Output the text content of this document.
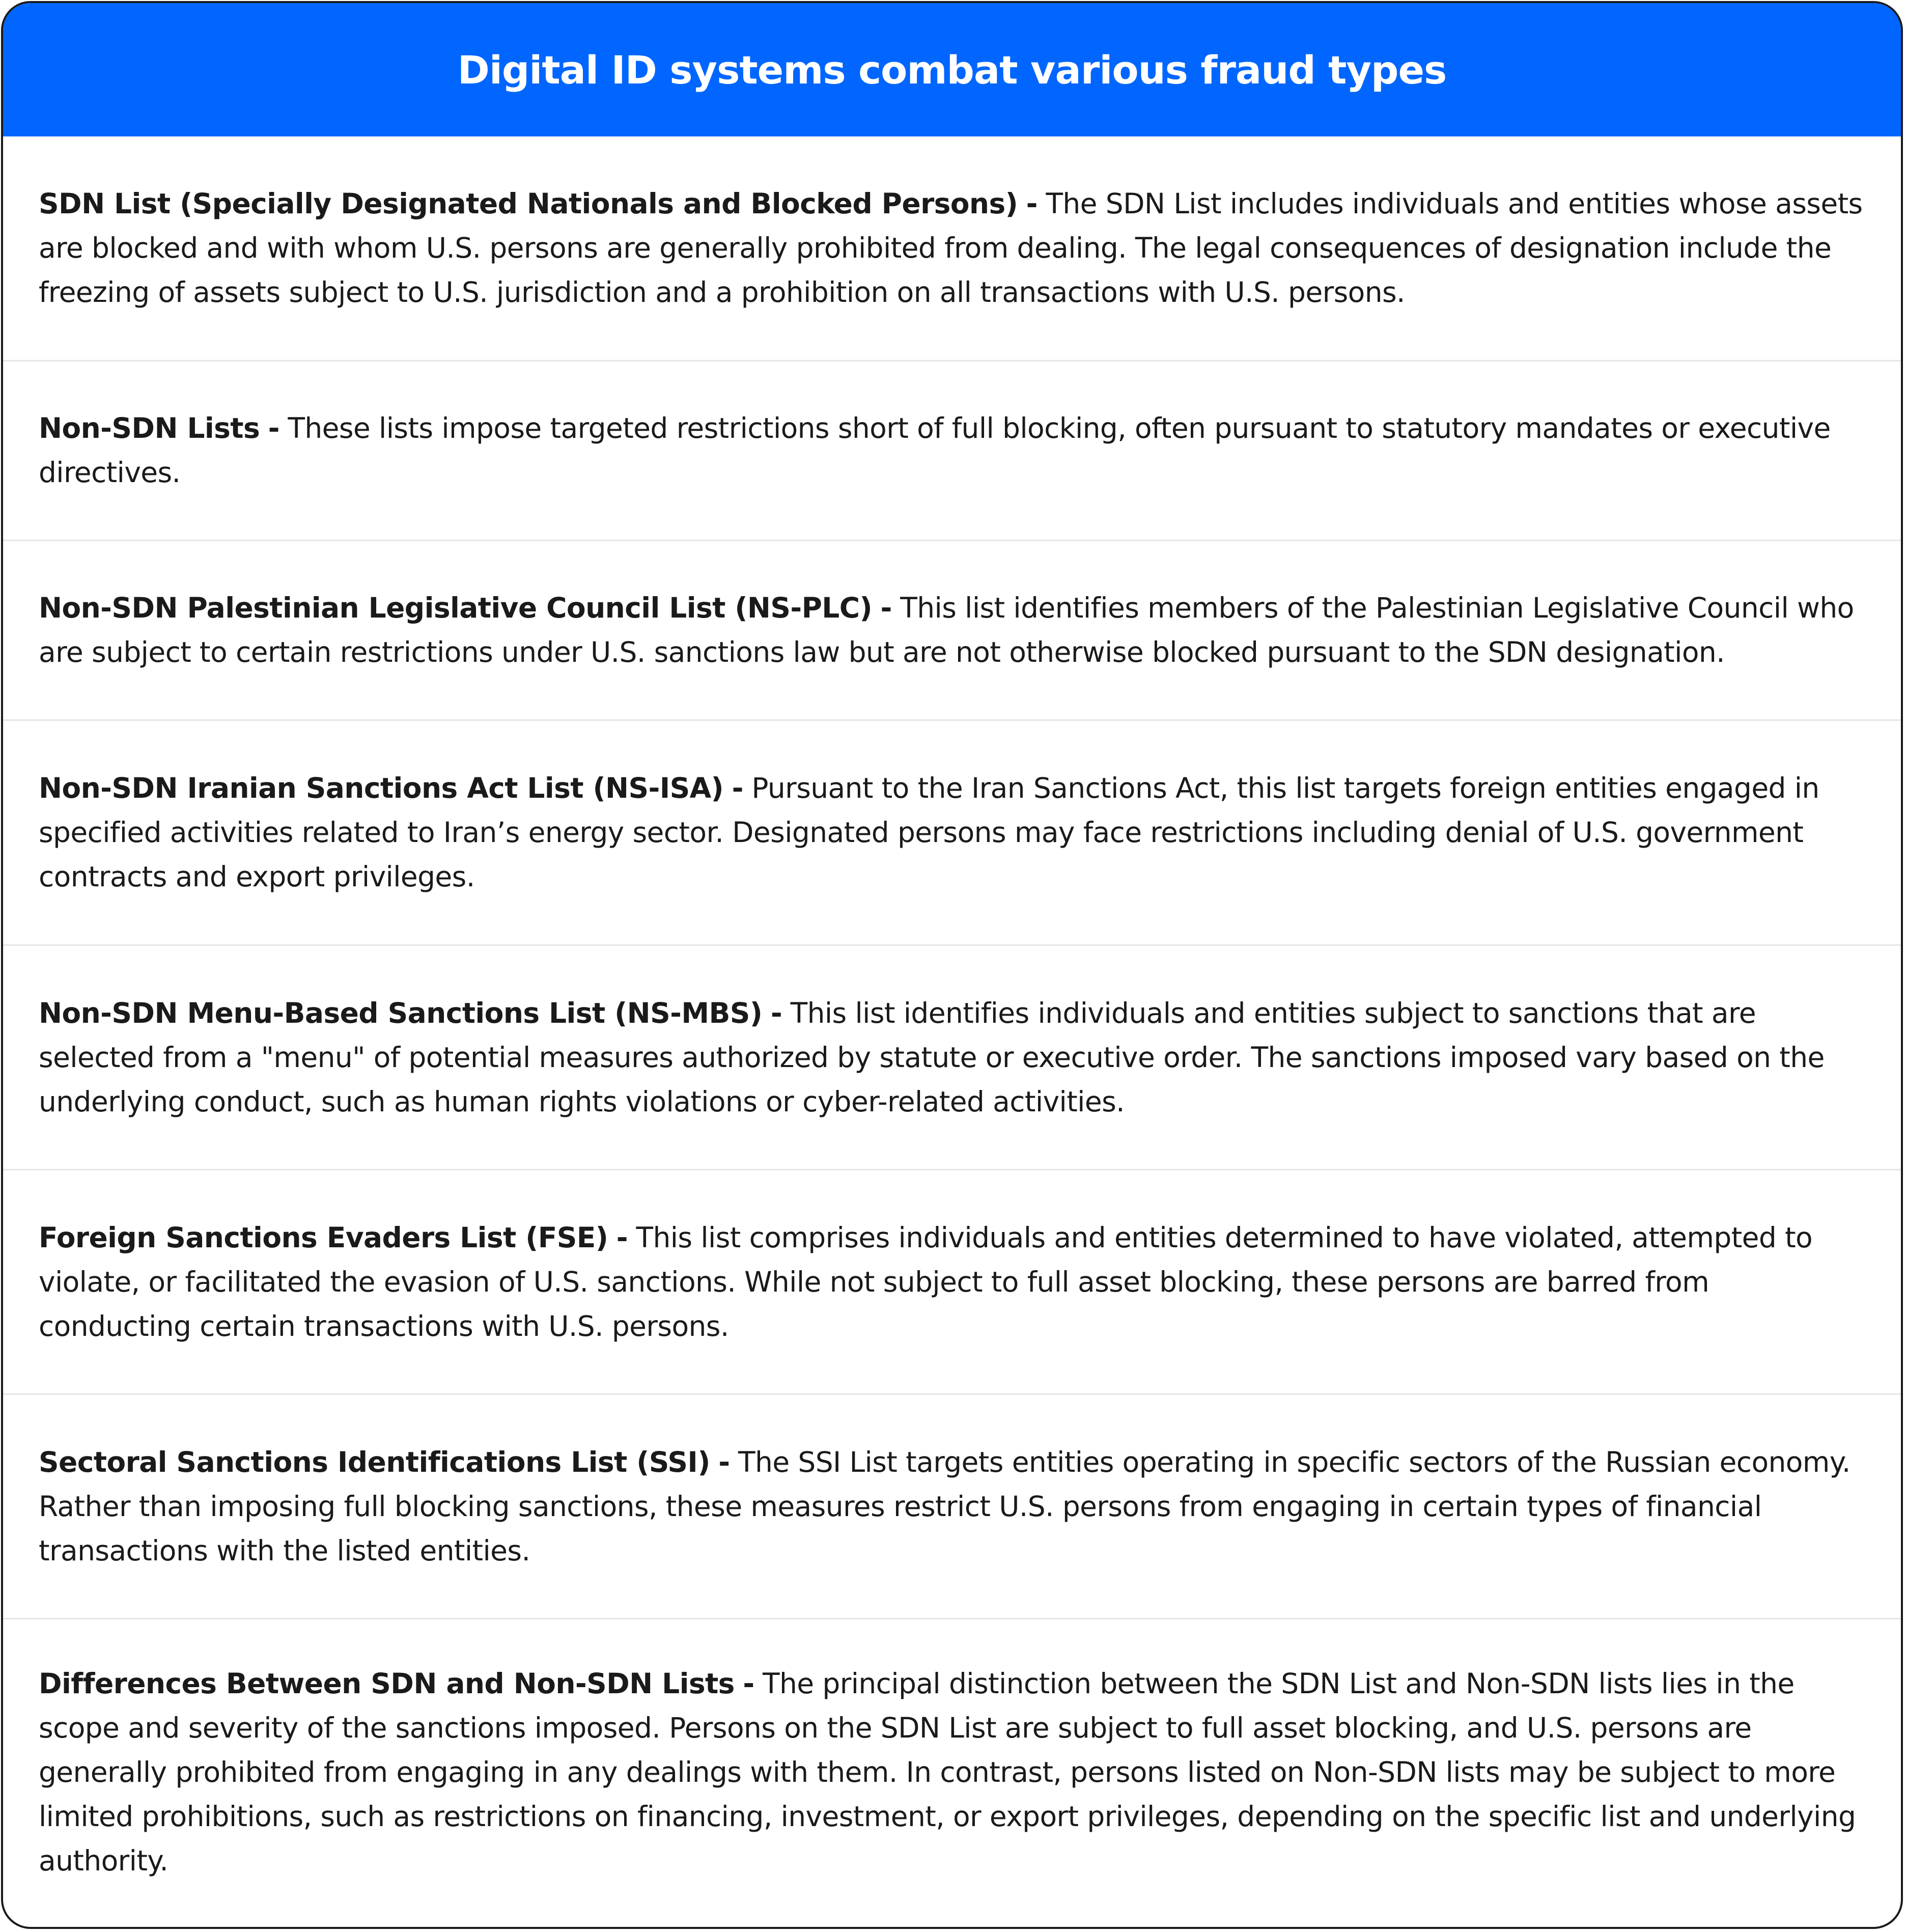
Digital ID systems combat various fraud types

SDN List (Specially Designated Nationals and Blocked Persons) - The SDN List includes individuals and entities whose assets are blocked and with whom U.S. persons are generally prohibited from dealing. The legal consequences of designation include the freezing of assets subject to U.S. jurisdiction and a prohibition on all transactions with U.S. persons.

Non-SDN Lists - These lists impose targeted restrictions short of full blocking, often pursuant to statutory mandates or executive directives.

Non-SDN Palestinian Legislative Council List (NS-PLC) - This list identifies members of the Palestinian Legislative Council who are subject to certain restrictions under U.S. sanctions law but are not otherwise blocked pursuant to the SDN designation.

Non-SDN Iranian Sanctions Act List (NS-ISA) - Pursuant to the Iran Sanctions Act, this list targets foreign entities engaged in specified activities related to Iran’s energy sector. Designated persons may face restrictions including denial of U.S. government contracts and export privileges.

Non-SDN Menu-Based Sanctions List (NS-MBS) - This list identifies individuals and entities subject to sanctions that are selected from a "menu" of potential measures authorized by statute or executive order. The sanctions imposed vary based on the underlying conduct, such as human rights violations or cyber-related activities.

Foreign Sanctions Evaders List (FSE) - This list comprises individuals and entities determined to have violated, attempted to violate, or facilitated the evasion of U.S. sanctions. While not subject to full asset blocking, these persons are barred from conducting certain transactions with U.S. persons.

Sectoral Sanctions Identifications List (SSI) - The SSI List targets entities operating in specific sectors of the Russian economy. Rather than imposing full blocking sanctions, these measures restrict U.S. persons from engaging in certain types of financial transactions with the listed entities.

Differences Between SDN and Non-SDN Lists - The principal distinction between the SDN List and Non-SDN lists lies in the scope and severity of the sanctions imposed. Persons on the SDN List are subject to full asset blocking, and U.S. persons are generally prohibited from engaging in any dealings with them. In contrast, persons listed on Non-SDN lists may be subject to more limited prohibitions, such as restrictions on financing, investment, or export privileges, depending on the specific list and underlying authority.
